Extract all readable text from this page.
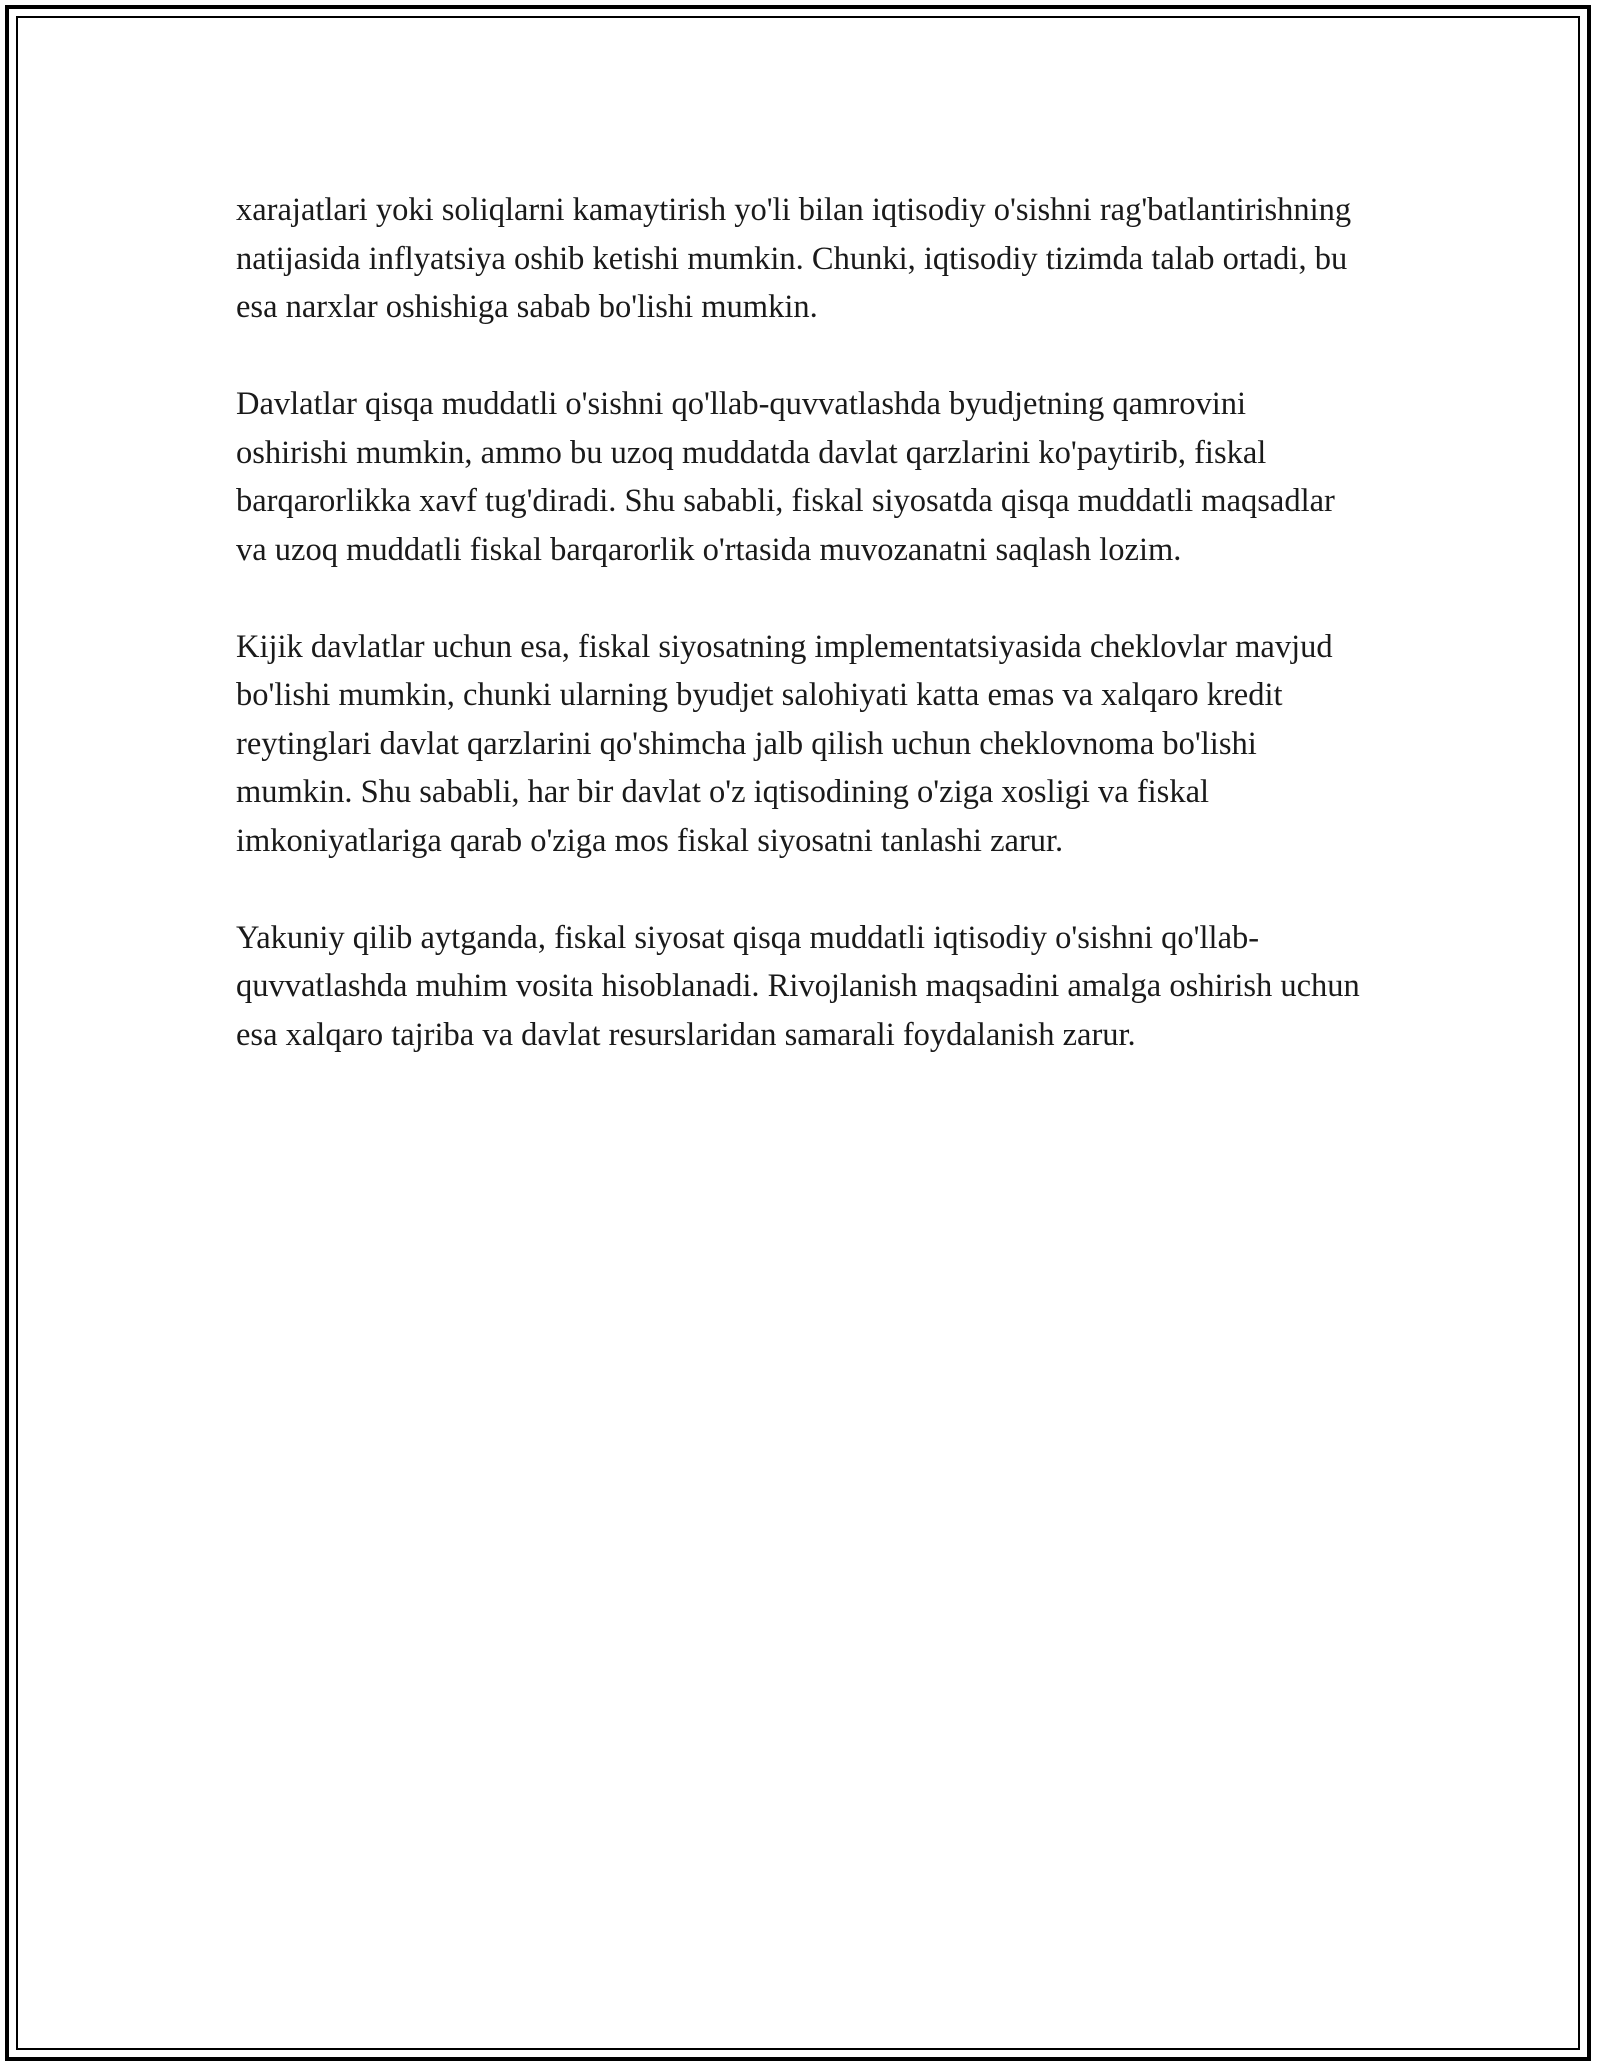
xarajatlari yoki soliqlarni kamaytirish yo'li bilan iqtisodiy o'sishni rag'batlantirishning natijasida inflyatsiya oshib ketishi mumkin. Chunki, iqtisodiy tizimda talab ortadi, bu esa narxlar oshishiga sabab bo'lishi mumkin.

Davlatlar qisqa muddatli o'sishni qo'llab-quvvatlashda byudjetning qamrovini oshirishi mumkin, ammo bu uzoq muddatda davlat qarzlarini ko'paytirib, fiskal barqarorlikka xavf tug'diradi. Shu sababli, fiskal siyosatda qisqa muddatli maqsadlar va uzoq muddatli fiskal barqarorlik o'rtasida muvozanatni saqlash lozim.

Kijik davlatlar uchun esa, fiskal siyosatning implementatsiyasida cheklovlar mavjud bo'lishi mumkin, chunki ularning byudjet salohiyati katta emas va xalqaro kredit reytinglari davlat qarzlarini qo'shimcha jalb qilish uchun cheklovnoma bo'lishi mumkin. Shu sababli, har bir davlat o'z iqtisodining o'ziga xosligi va fiskal imkoniyatlariga qarab o'ziga mos fiskal siyosatni tanlashi zarur.

Yakuniy qilib aytganda, fiskal siyosat qisqa muddatli iqtisodiy o'sishni qo'llab-quvvatlashda muhim vosita hisoblanadi. Rivojlanish maqsadini amalga oshirish uchun esa xalqaro tajriba va davlat resurslaridan samarali foydalanish zarur.
